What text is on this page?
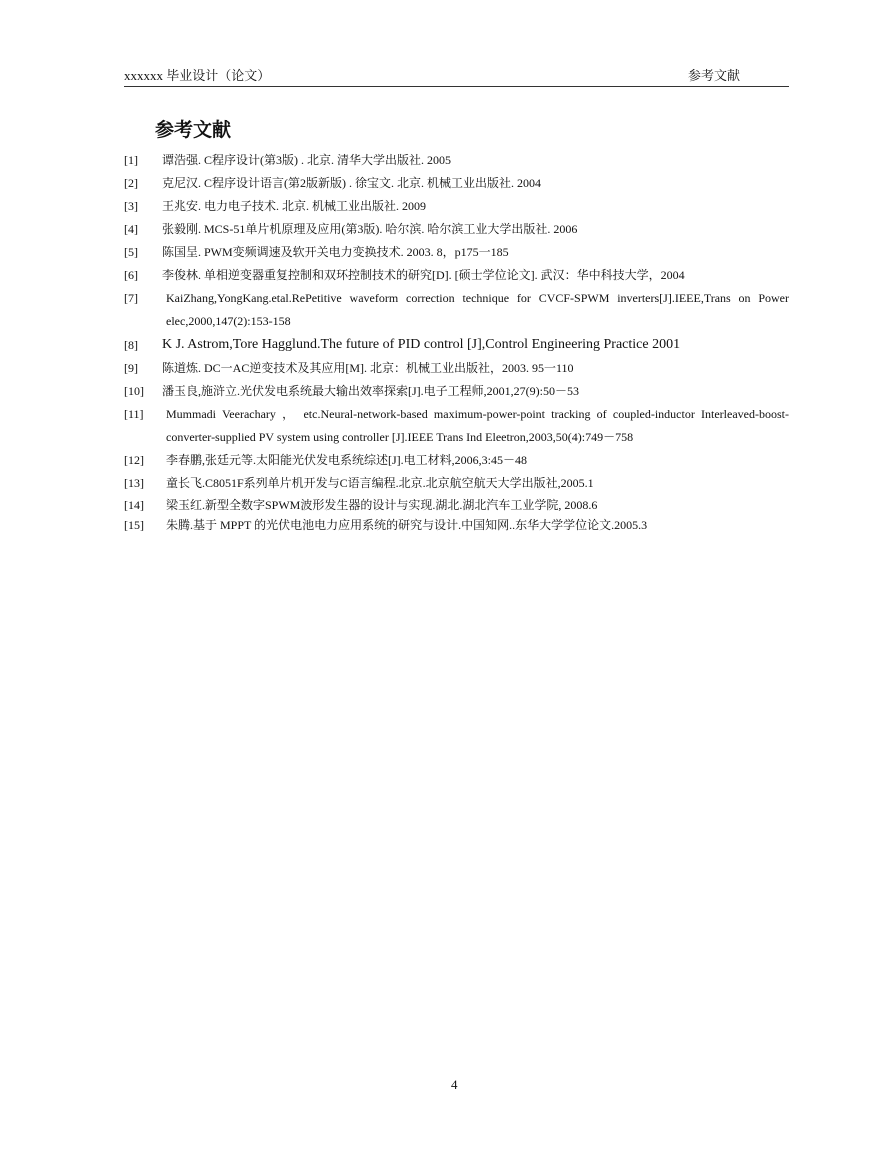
xxxxxx 毕业设计（论文）	参考文献
参考文献
[1]	谭浩强. C程序设计(第3版) . 北京. 清华大学出版社. 2005
[2]	克尼汉. C程序设计语言(第2版新版) . 徐宝文. 北京. 机械工业出版社. 2004
[3]	王兆安. 电力电子技术. 北京. 机械工业出版社. 2009
[4]	张毅刚. MCS-51单片机原理及应用(第3版). 哈尔滨. 哈尔滨工业大学出版社. 2006
[5]	陈国呈. PWM变频调速及软开关电力变换技术. 2003. 8，p175一185
[6]	李俊林. 单相逆变器重复控制和双环控制技术的研究[D]. [硕士学位论文]. 武汉：华中科技大学，2004
[7]	KaiZhang,YongKang.etal.RePetitive waveform correction technique for CVCF-SPWM inverters[J].IEEE,Trans on Power elec,2000,147(2):153-158
[8]	K J. Astrom,Tore Hagglund.The future of PID control [J],Control Engineering Practice 2001
[9]	陈道炼. DC一AC逆变技术及其应用[M]. 北京：机械工业出版社，2003. 95一110
[10]	潘玉良,施浒立.光伏发电系统最大输出效率探索[J].电子工程师,2001,27(9):50－53
[11]	Mummadi Veerachary ， etc.Neural-network-based maximum-power-point tracking of coupled-inductor Interleaved-boost-converter-supplied PV system using controller [J].IEEE Trans Ind Eleetron,2003,50(4):749－758
[12]	李春鹏,张廷元等.太阳能光伏发电系统综述[J].电工材料,2006,3:45－48
[13]	童长飞.C8051F系列单片机开发与C语言编程.北京.北京航空航天大学出版社,2005.1
[14]	梁玉红.新型全数字SPWM波形发生器的设计与实现.湖北.湖北汽车工业学院, 2008.6
[15]	朱腾.基于 MPPT 的光伏电池电力应用系统的研究与设计.中国知网..东华大学学位论文.2005.3
4
